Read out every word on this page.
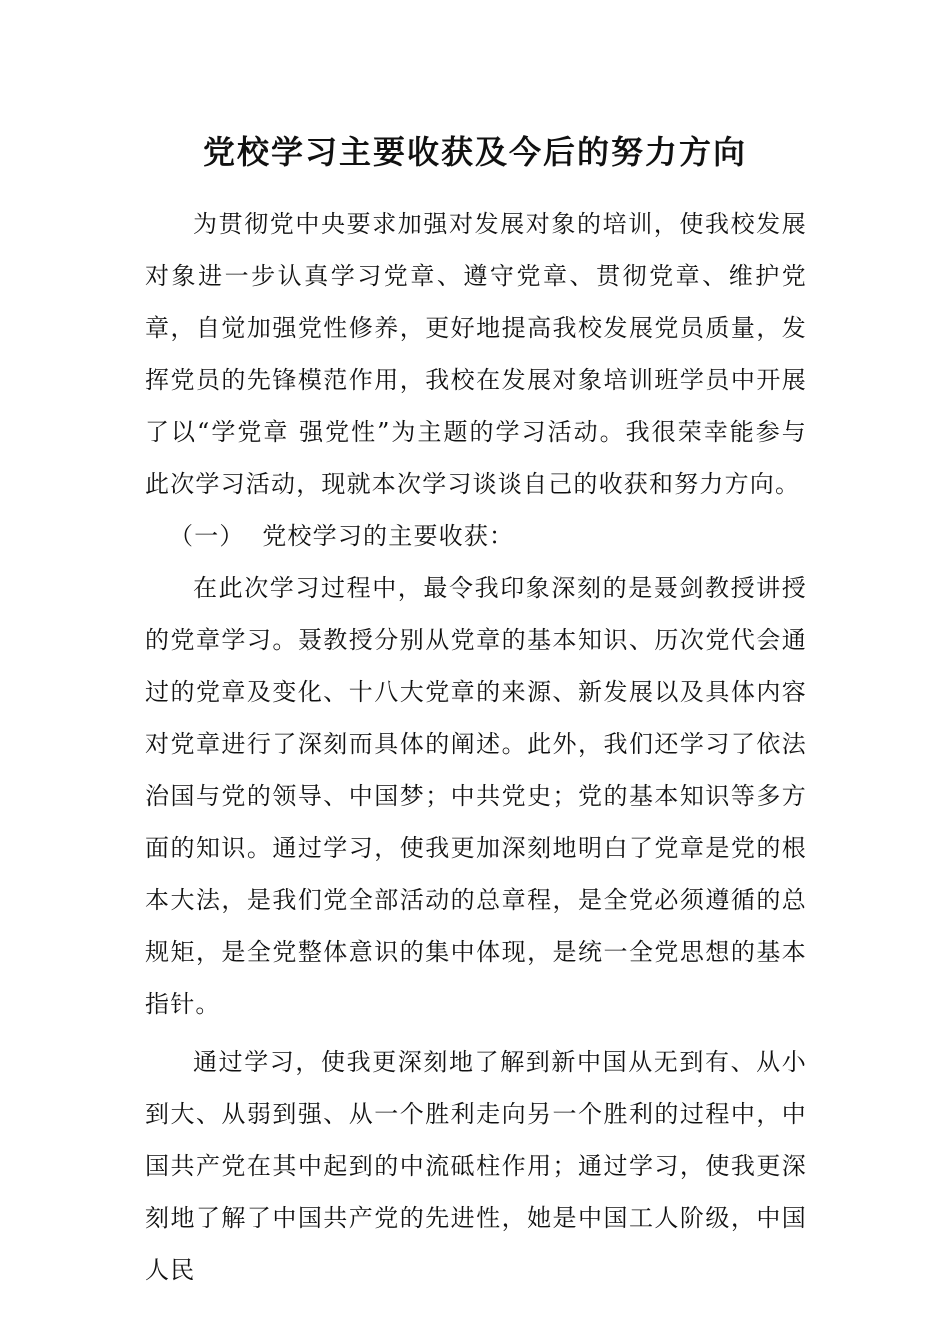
党校学习主要收获及今后的努力方向

为贯彻党中央要求加强对发展对象的培训，使我校发展对象进一步认真学习党章、遵守党章、贯彻党章、维护党章，自觉加强党性修养，更好地提高我校发展党员质量，发挥党员的先锋模范作用，我校在发展对象培训班学员中开展了以“学党章 强党性”为主题的学习活动。我很荣幸能参与此次学习活动，现就本次学习谈谈自己的收获和努力方向。

（一）  党校学习的主要收获：

在此次学习过程中，最令我印象深刻的是聂剑教授讲授的党章学习。聂教授分别从党章的基本知识、历次党代会通过的党章及变化、十八大党章的来源、新发展以及具体内容对党章进行了深刻而具体的阐述。此外，我们还学习了依法治国与党的领导、中国梦；中共党史；党的基本知识等多方面的知识。通过学习，使我更加深刻地明白了党章是党的根本大法，是我们党全部活动的总章程，是全党必须遵循的总规矩，是全党整体意识的集中体现，是统一全党思想的基本指针。

通过学习，使我更深刻地了解到新中国从无到有、从小到大、从弱到强、从一个胜利走向另一个胜利的过程中，中国共产党在其中起到的中流砥柱作用；通过学习，使我更深刻地了解了中国共产党的先进性，她是中国工人阶级，中国人民
